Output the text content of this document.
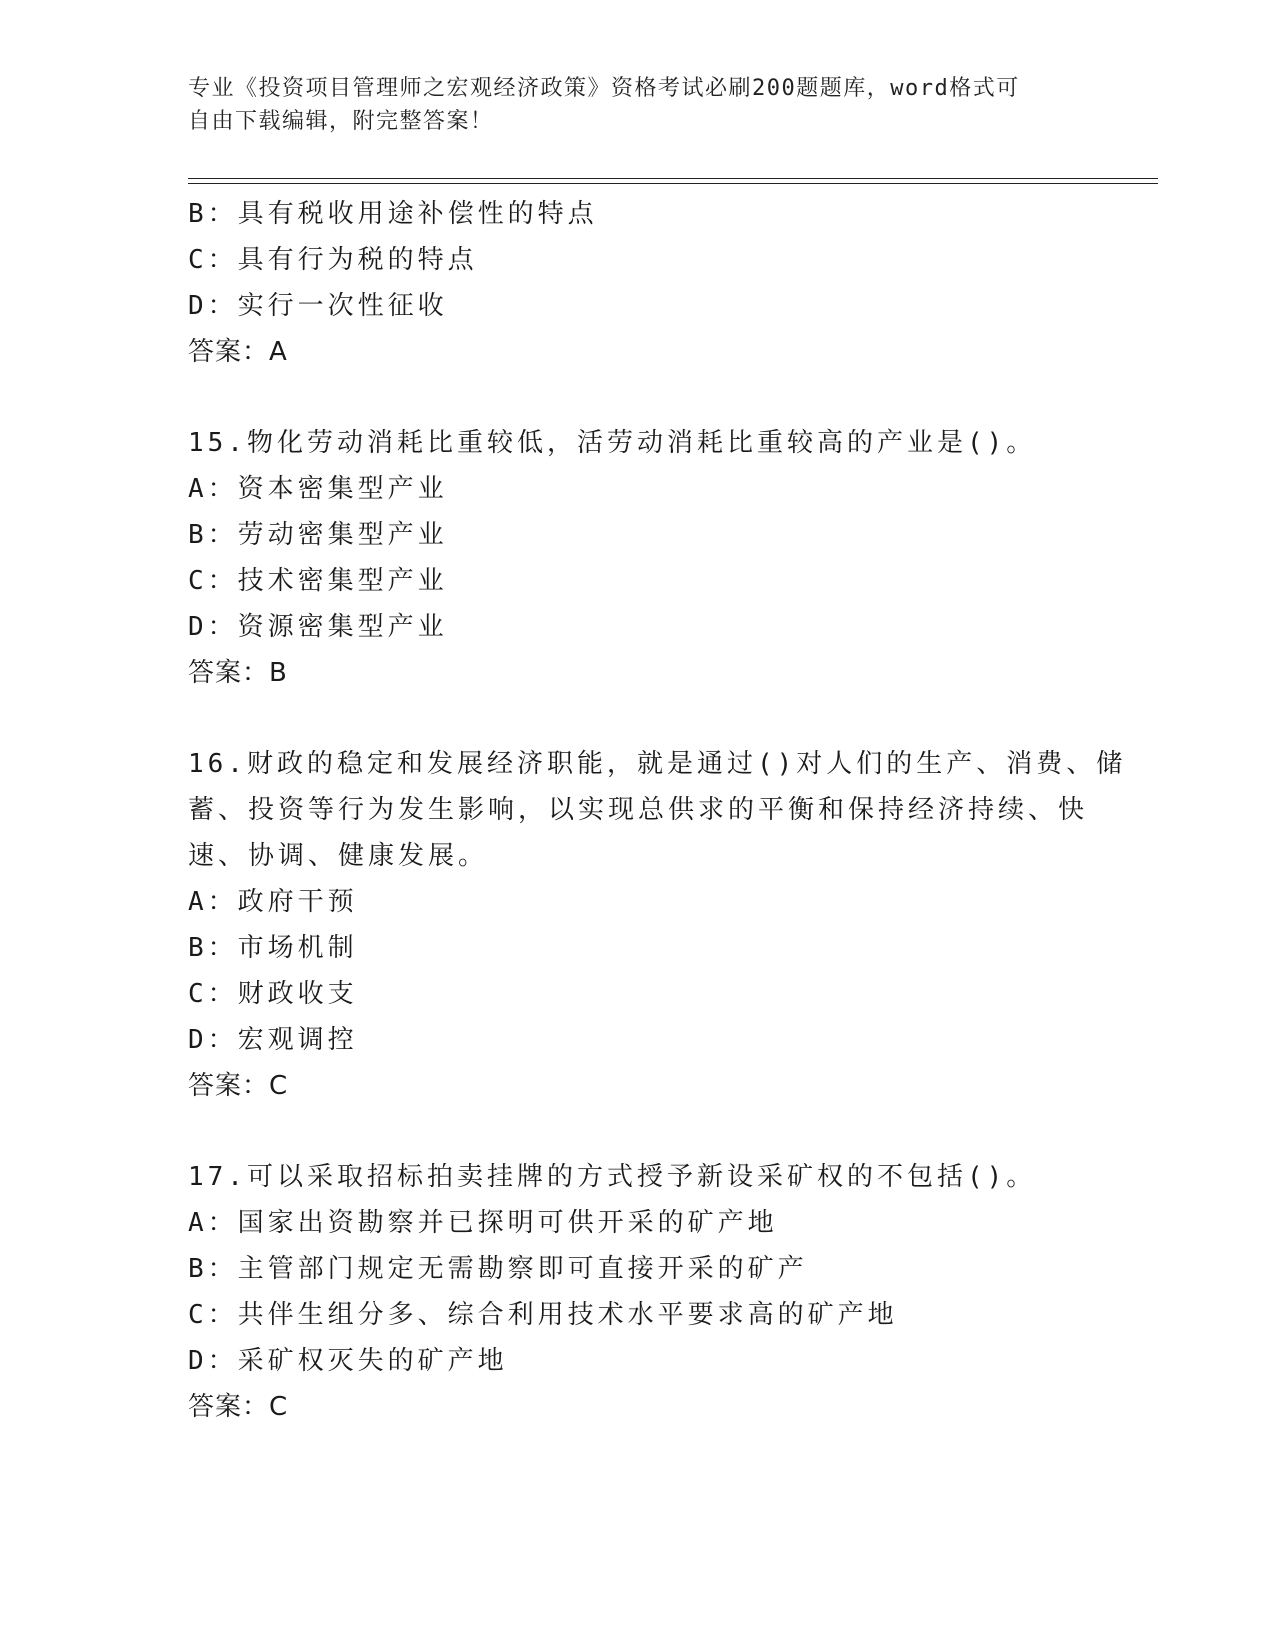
专业《投资项目管理师之宏观经济政策》资格考试必刷200题题库，word格式可
自由下载编辑，附完整答案！
B：具有税收用途补偿性的特点
C：具有行为税的特点
D：实行一次性征收
答案：A
15.物化劳动消耗比重较低，活劳动消耗比重较高的产业是()。
A：资本密集型产业
B：劳动密集型产业
C：技术密集型产业
D：资源密集型产业
答案：B
16.财政的稳定和发展经济职能，就是通过()对人们的生产、消费、储
蓄、投资等行为发生影响，以实现总供求的平衡和保持经济持续、快
速、协调、健康发展。
A：政府干预
B：市场机制
C：财政收支
D：宏观调控
答案：C
17.可以采取招标拍卖挂牌的方式授予新设采矿权的不包括()。
A：国家出资勘察并已探明可供开采的矿产地
B：主管部门规定无需勘察即可直接开采的矿产
C：共伴生组分多、综合利用技术水平要求高的矿产地
D：采矿权灭失的矿产地
答案：C
